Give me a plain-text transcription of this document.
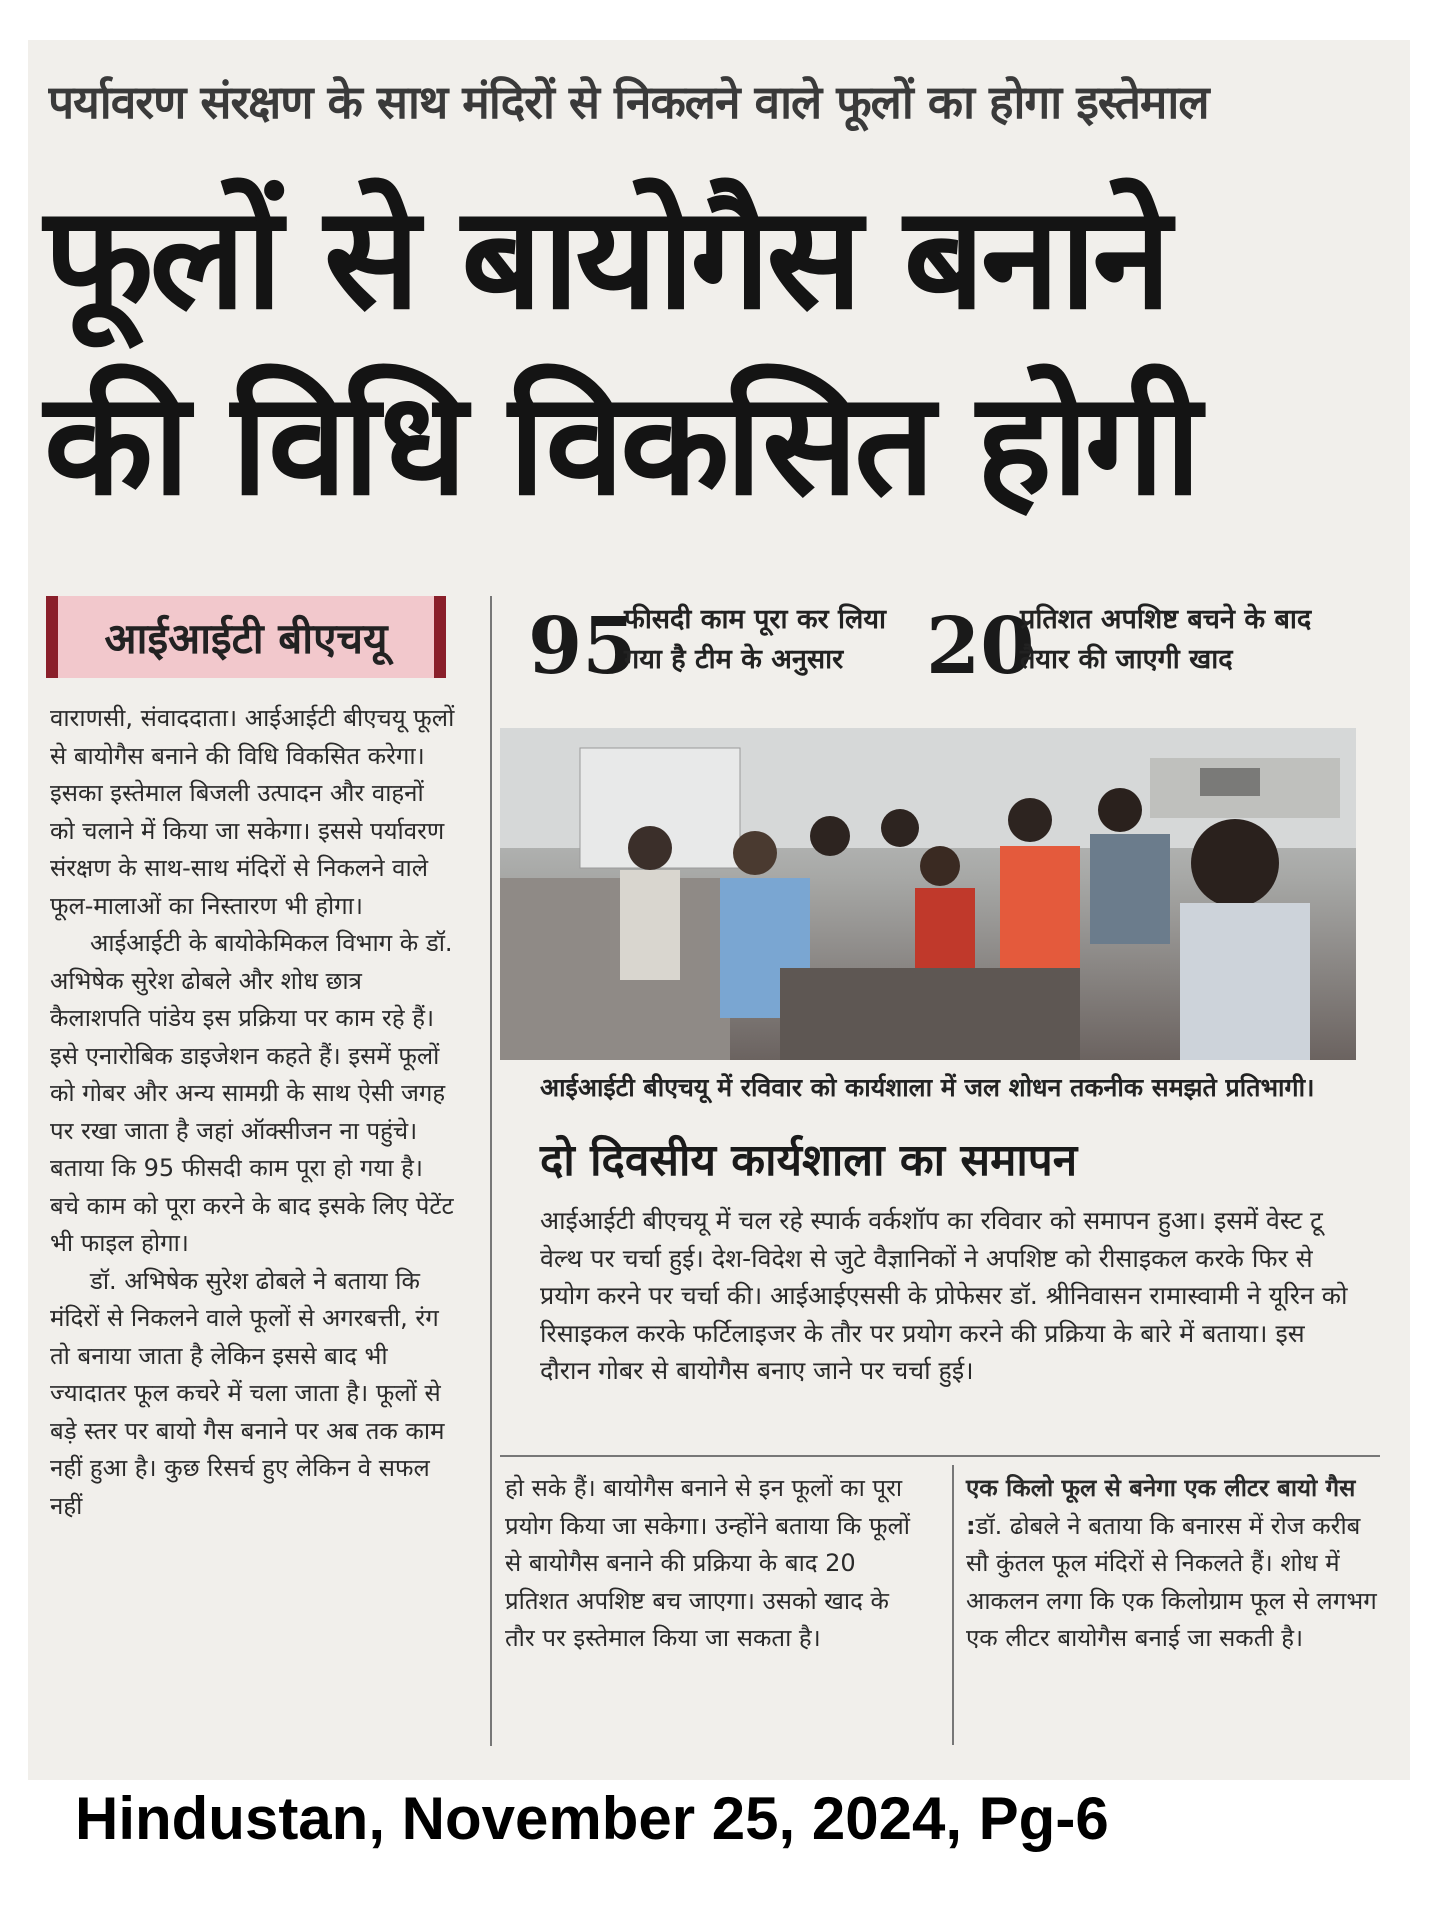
पर्यावरण संरक्षण के साथ मंदिरों से निकलने वाले फूलों का होगा इस्तेमाल
फूलों से बायोगैस बनाने
की विधि विकसित होगी
आईआईटी बीएचयू

वाराणसी, संवाददाता। आईआईटी बीएचयू फूलों से बायोगैस बनाने की विधि विकसित करेगा। इसका इस्तेमाल बिजली उत्पादन और वाहनों को चलाने में किया जा सकेगा। इससे पर्यावरण संरक्षण के साथ-साथ मंदिरों से निकलने वाले फूल-मालाओं का निस्तारण भी होगा।

आईआईटी के बायोकेमिकल विभाग के डॉ. अभिषेक सुरेश ढोबले और शोध छात्र कैलाशपति पांडेय इस प्रक्रिया पर काम रहे हैं। इसे एनारोबिक डाइजेशन कहते हैं। इसमें फूलों को गोबर और अन्य सामग्री के साथ ऐसी जगह पर रखा जाता है जहां ऑक्सीजन ना पहुंचे। बताया कि 95 फीसदी काम पूरा हो गया है। बचे काम को पूरा करने के बाद इसके लिए पेटेंट भी फाइल होगा।

डॉ. अभिषेक सुरेश ढोबले ने बताया कि मंदिरों से निकलने वाले फूलों से अगरबत्ती, रंग तो बनाया जाता है लेकिन इससे बाद भी ज्यादातर फूल कचरे में चला जाता है। फूलों से बड़े स्तर पर बायो गैस बनाने पर अब तक काम नहीं हुआ है। कुछ रिसर्च हुए लेकिन वे सफल नहीं

95
फीसदी काम पूरा कर लिया गया है टीम के अनुसार	20
प्रतिशत अपशिष्ट बचने के बाद तैयार की जाएगी खाद
आईआईटी बीएचयू में रविवार को कार्यशाला में जल शोधन तकनीक समझते प्रतिभागी।
दो दिवसीय कार्यशाला का समापन
आईआईटी बीएचयू में चल रहे स्पार्क वर्कशॉप का रविवार को समापन हुआ। इसमें वेस्ट टू वेल्थ पर चर्चा हुई। देश-विदेश से जुटे वैज्ञानिकों ने अपशिष्ट को रीसाइकल करके फिर से प्रयोग करने पर चर्चा की। आईआईएससी के प्रोफेसर डॉ. श्रीनिवासन रामास्वामी ने यूरिन को रिसाइकल करके फर्टिलाइजर के तौर पर प्रयोग करने की प्रक्रिया के बारे में बताया। इस दौरान गोबर से बायोगैस बनाए जाने पर चर्चा हुई।

हो सके हैं। बायोगैस बनाने से इन फूलों का पूरा प्रयोग किया जा सकेगा। उन्होंने बताया कि फूलों से बायोगैस बनाने की प्रक्रिया के बाद 20 प्रतिशत अपशिष्ट बच जाएगा। उसको खाद के तौर पर इस्तेमाल किया जा सकता है।

एक किलो फूल से बनेगा एक लीटर बायो गैस :डॉ. ढोबले ने बताया कि बनारस में रोज करीब सौ कुंतल फूल मंदिरों से निकलते हैं। शोध में आकलन लगा कि एक किलोग्राम फूल से लगभग एक लीटर बायोगैस बनाई जा सकती है।

Hindustan, November 25, 2024, Pg-6
